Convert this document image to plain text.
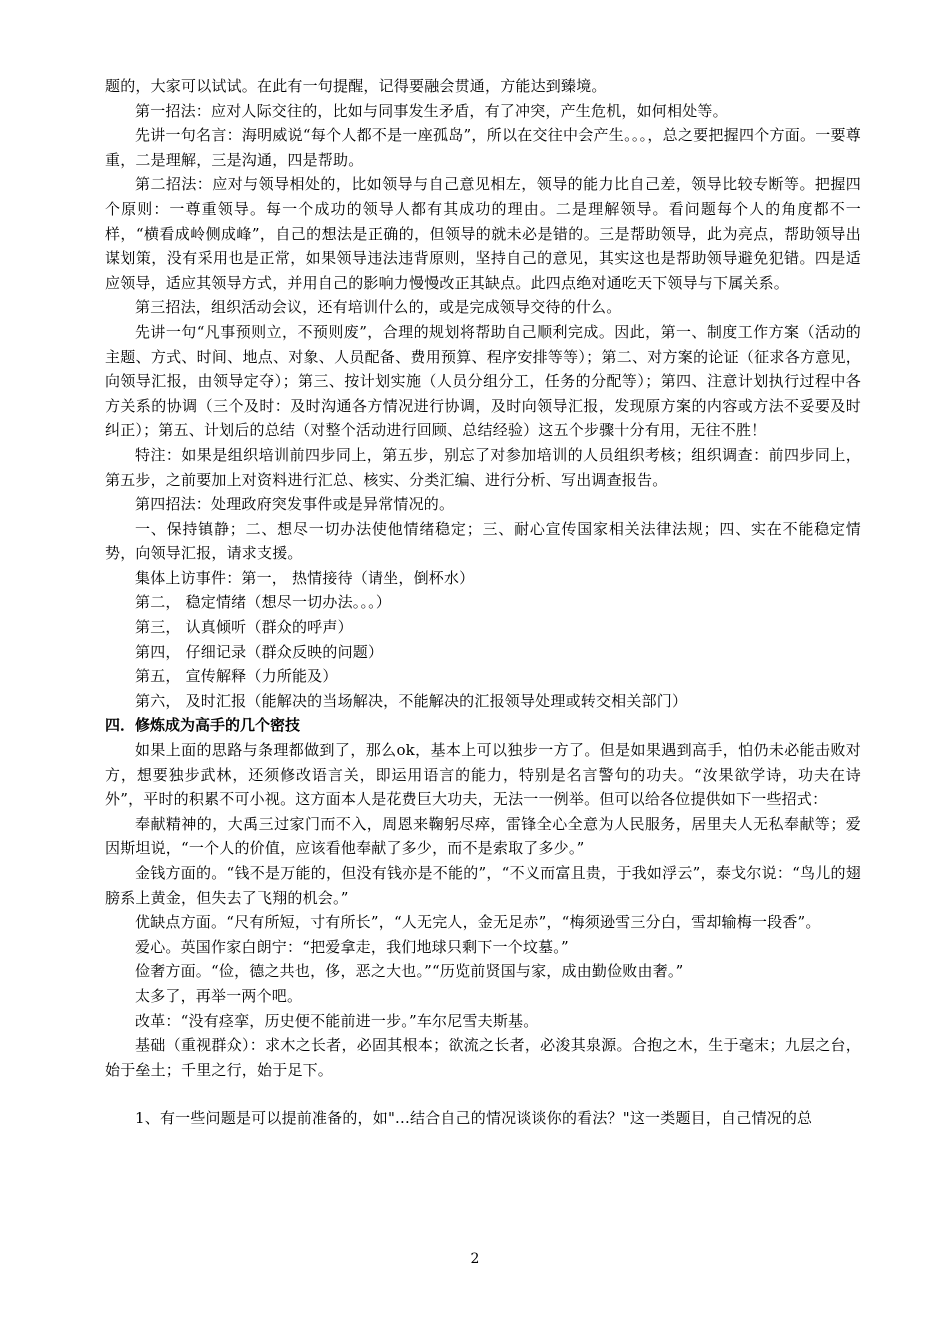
题的，大家可以试试。在此有一句提醒，记得要融会贯通，方能达到臻境。

第一招法：应对人际交往的，比如与同事发生矛盾，有了冲突，产生危机，如何相处等。

先讲一句名言：海明威说“每个人都不是一座孤岛”，所以在交往中会产生。。。，总之要把握四个方面。一要尊重，二是理解，三是沟通，四是帮助。

第二招法：应对与领导相处的，比如领导与自己意见相左，领导的能力比自己差，领导比较专断等。把握四个原则：一尊重领导。每一个成功的领导人都有其成功的理由。二是理解领导。看问题每个人的角度都不一样，“横看成岭侧成峰”，自己的想法是正确的，但领导的就未必是错的。三是帮助领导，此为亮点，帮助领导出谋划策，没有采用也是正常，如果领导违法违背原则，坚持自己的意见，其实这也是帮助领导避免犯错。四是适应领导，适应其领导方式，并用自己的影响力慢慢改正其缺点。此四点绝对通吃天下领导与下属关系。

第三招法，组织活动会议，还有培训什么的，或是完成领导交待的什么。

先讲一句“凡事预则立，不预则废”，合理的规划将帮助自己顺利完成。因此，第一、制度工作方案（活动的主题、方式、时间、地点、对象、人员配备、费用预算、程序安排等等）；第二、对方案的论证（征求各方意见，向领导汇报，由领导定夺）；第三、按计划实施（人员分组分工，任务的分配等）；第四、注意计划执行过程中各方关系的协调（三个及时：及时沟通各方情况进行协调，及时向领导汇报，发现原方案的内容或方法不妥要及时纠正）；第五、计划后的总结（对整个活动进行回顾、总结经验）这五个步骤十分有用，无往不胜！

特注：如果是组织培训前四步同上，第五步，别忘了对参加培训的人员组织考核；组织调查：前四步同上，第五步，之前要加上对资料进行汇总、核实、分类汇编、进行分析、写出调查报告。

第四招法：处理政府突发事件或是异常情况的。

一、保持镇静；二、想尽一切办法使他情绪稳定；三、耐心宣传国家相关法律法规；四、实在不能稳定情势，向领导汇报，请求支援。

集体上访事件：第一， 热情接待（请坐，倒杯水）

第二， 稳定情绪（想尽一切办法。。。）

第三， 认真倾听（群众的呼声）

第四， 仔细记录（群众反映的问题）

第五， 宣传解释（力所能及）

第六， 及时汇报（能解决的当场解决，不能解决的汇报领导处理或转交相关部门）

四．修炼成为高手的几个密技

如果上面的思路与条理都做到了，那么ok，基本上可以独步一方了。但是如果遇到高手，怕仍未必能击败对方，想要独步武林，还须修改语言关，即运用语言的能力，特别是名言警句的功夫。“汝果欲学诗，功夫在诗外”，平时的积累不可小视。这方面本人是花费巨大功夫，无法一一例举。但可以给各位提供如下一些招式：

奉献精神的，大禹三过家门而不入，周恩来鞠躬尽瘁，雷锋全心全意为人民服务，居里夫人无私奉献等；爱因斯坦说，“一个人的价值，应该看他奉献了多少，而不是索取了多少。”

金钱方面的。“钱不是万能的，但没有钱亦是不能的”，“不义而富且贵，于我如浮云”，泰戈尔说：“鸟儿的翅膀系上黄金，但失去了飞翔的机会。”

优缺点方面。“尺有所短，寸有所长”，“人无完人，金无足赤”，“梅须逊雪三分白，雪却输梅一段香”。

爱心。英国作家白朗宁：“把爱拿走，我们地球只剩下一个坟墓。”

俭奢方面。“俭，德之共也，侈，恶之大也。”“历览前贤国与家，成由勤俭败由奢。”

太多了，再举一两个吧。

改革：“没有痉挛，历史便不能前进一步。”车尔尼雪夫斯基。

基础（重视群众）：求木之长者，必固其根本；欲流之长者，必浚其泉源。合抱之木，生于毫末；九层之台，始于垒土；千里之行，始于足下。

1、有一些问题是可以提前准备的，如"...结合自己的情况谈谈你的看法？"这一类题目，自己情况的总

2
